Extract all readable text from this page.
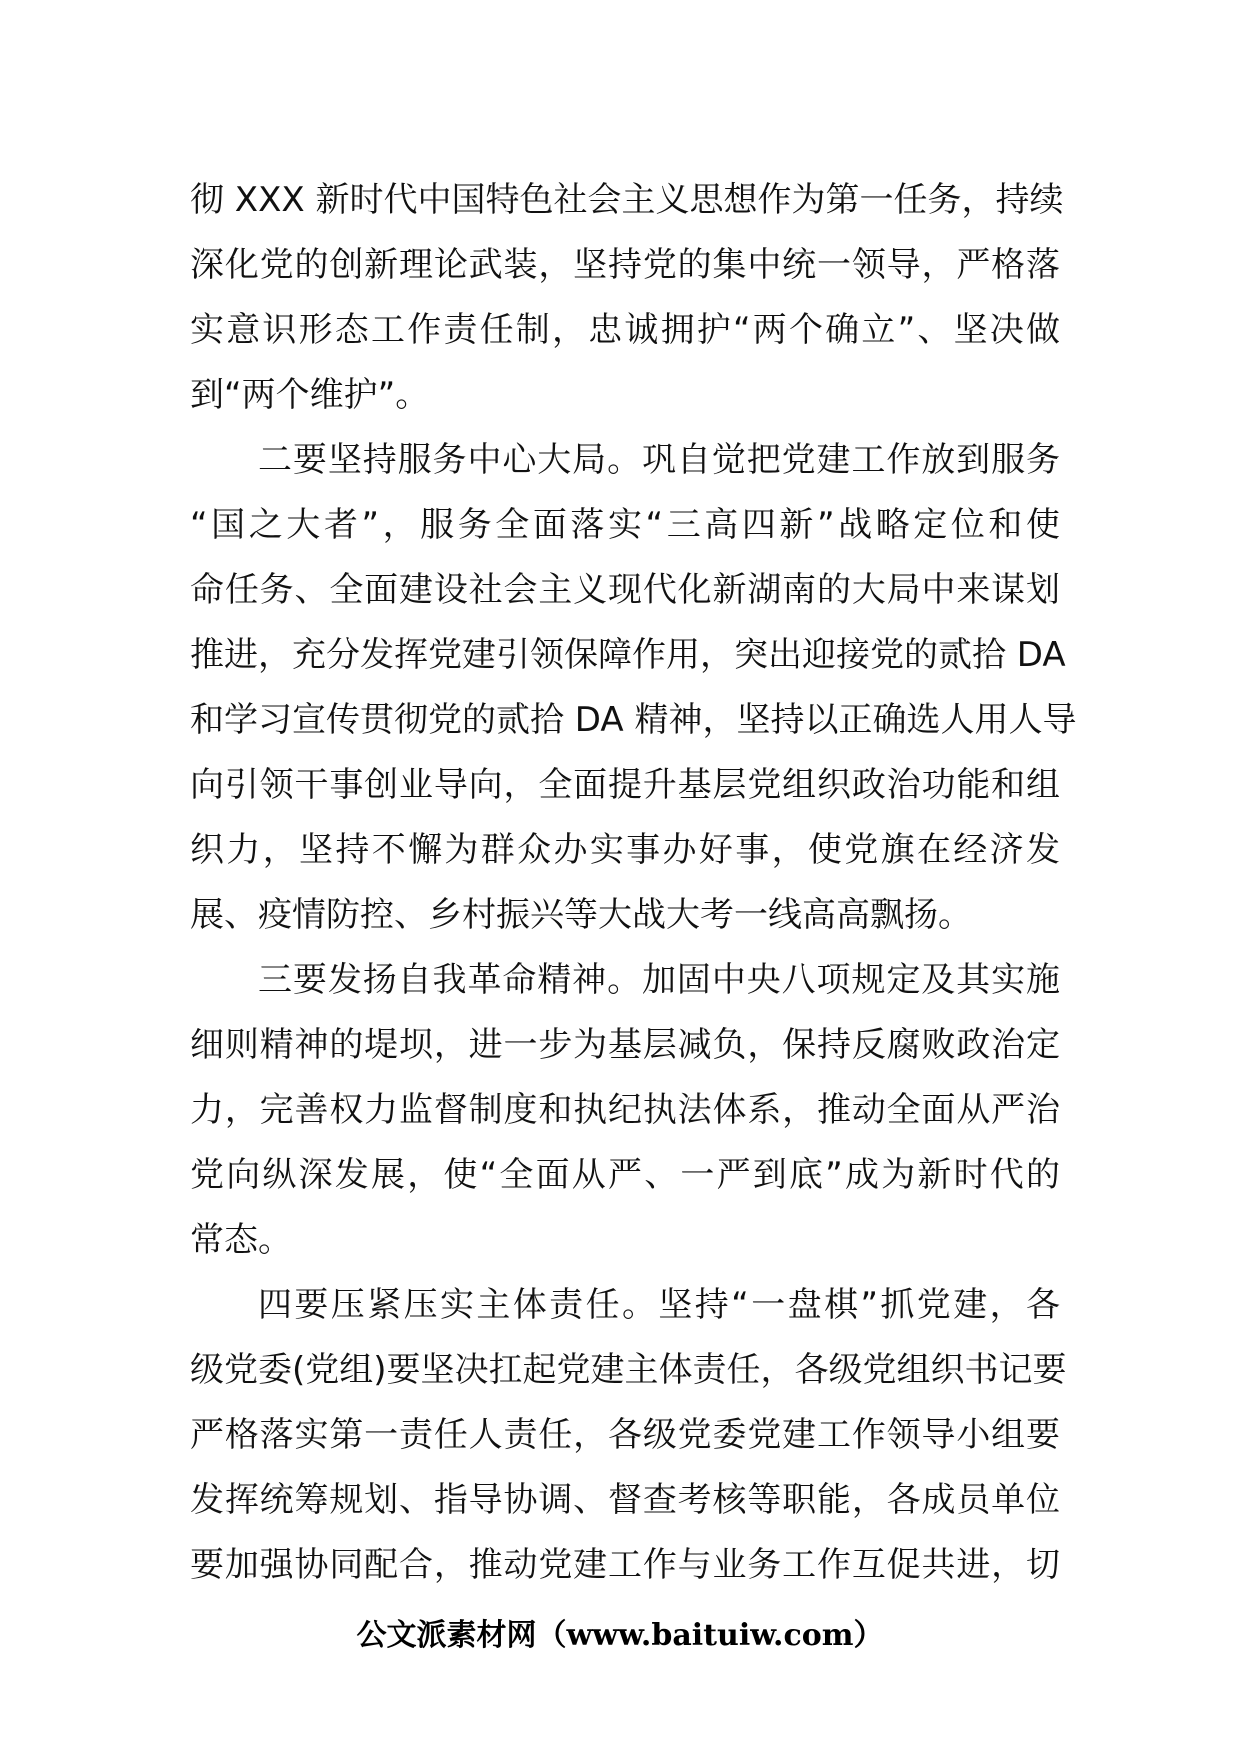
彻 XXX 新时代中国特色社会主义思想作为第一任务，持续
深化党的创新理论武装，坚持党的集中统一领导，严格落
实意识形态工作责任制，忠诚拥护“两个确立”、坚决做
到“两个维护”。
二要坚持服务中心大局。巩自觉把党建工作放到服务
“国之大者”，服务全面落实“三高四新”战略定位和使
命任务、全面建设社会主义现代化新湖南的大局中来谋划
推进，充分发挥党建引领保障作用，突出迎接党的贰拾 DA
和学习宣传贯彻党的贰拾 DA 精神，坚持以正确选人用人导
向引领干事创业导向，全面提升基层党组织政治功能和组
织力，坚持不懈为群众办实事办好事，使党旗在经济发
展、疫情防控、乡村振兴等大战大考一线高高飘扬。
三要发扬自我革命精神。加固中央八项规定及其实施
细则精神的堤坝，进一步为基层减负，保持反腐败政治定
力，完善权力监督制度和执纪执法体系，推动全面从严治
党向纵深发展，使“全面从严、一严到底”成为新时代的
常态。
四要压紧压实主体责任。坚持“一盘棋”抓党建，各
级党委(党组)要坚决扛起党建主体责任，各级党组织书记要
严格落实第一责任人责任，各级党委党建工作领导小组要
发挥统筹规划、指导协调、督查考核等职能，各成员单位
要加强协同配合，推动党建工作与业务工作互促共进，切
公文派素材网（www.baituiw.com）
